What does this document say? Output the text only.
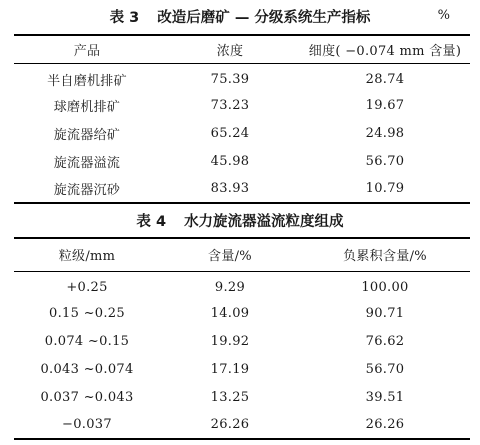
表 3 改造后磨矿 — 分级系统生产指标	%
产品	浓度	细度( −0.074 mm 含量)
半自磨机排矿	75.39	28.74
球磨机排矿	73.23	19.67
旋流器给矿	65.24	24.98
旋流器溢流	45.98	56.70
旋流器沉砂	83.93	10.79
表 4 水力旋流器溢流粒度组成
粒级/mm	含量/%	负累积含量/%
+0.25	9.29	100.00
0.15 ~0.25	14.09	90.71
0.074 ~0.15	19.92	76.62
0.043 ~0.074	17.19	56.70
0.037 ~0.043	13.25	39.51
−0.037	26.26	26.26
